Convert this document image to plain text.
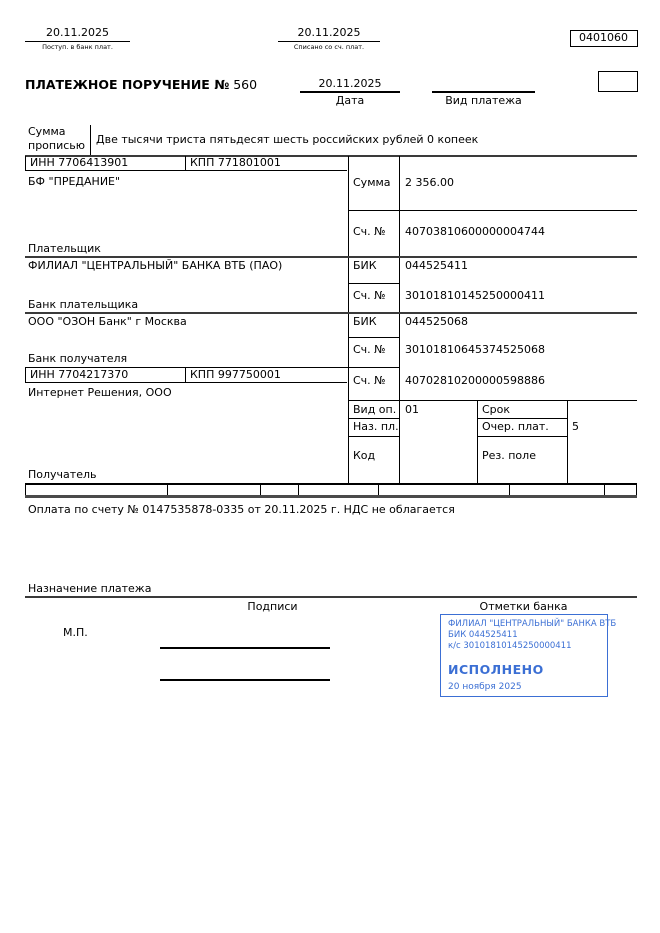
20.11.2025
Поступ. в банк плат.
20.11.2025
Списано со сч. плат.
0401060
ПЛАТЕЖНОЕ ПОРУЧЕНИЕ № 560	20.11.2025
Дата	Вид платежа
Сумма
прописью Две тысячи триста пятьдесят шесть российских рублей 0 копеек
ИНН 7706413901	КПП 771801001
БФ "ПРЕДАНИЕ"
Плательщик
Сумма 2 356.00
Сч. № 40703810600000004744
ФИЛИАЛ "ЦЕНТРАЛЬНЫЙ" БАНКА ВТБ (ПАО)	БИК	044525411
Сч. № 30101810145250000411
Банк плательщика
ООО "ОЗОН Банк" г Москва	БИК	044525068
Сч. № 30101810645374525068
Банк получателя
ИНН 7704217370	КПП 997750001	Сч. № 40702810200000598886
Интернет Решения, ООО
Вид оп. 01	Срок
Наз. пл.	Очер. плат. 5
Код	Рез. поле
Получатель
Оплата по счету № 0147535878-0335 от 20.11.2025 г. НДС не облагается
Назначение платежа
Подписи	Отметки банка
М.П.
ФИЛИАЛ "ЦЕНТРАЛЬНЫЙ" БАНКА ВТБ
БИК 044525411
к/с 30101810145250000411
ИСПОЛНЕНО
20 ноября 2025
